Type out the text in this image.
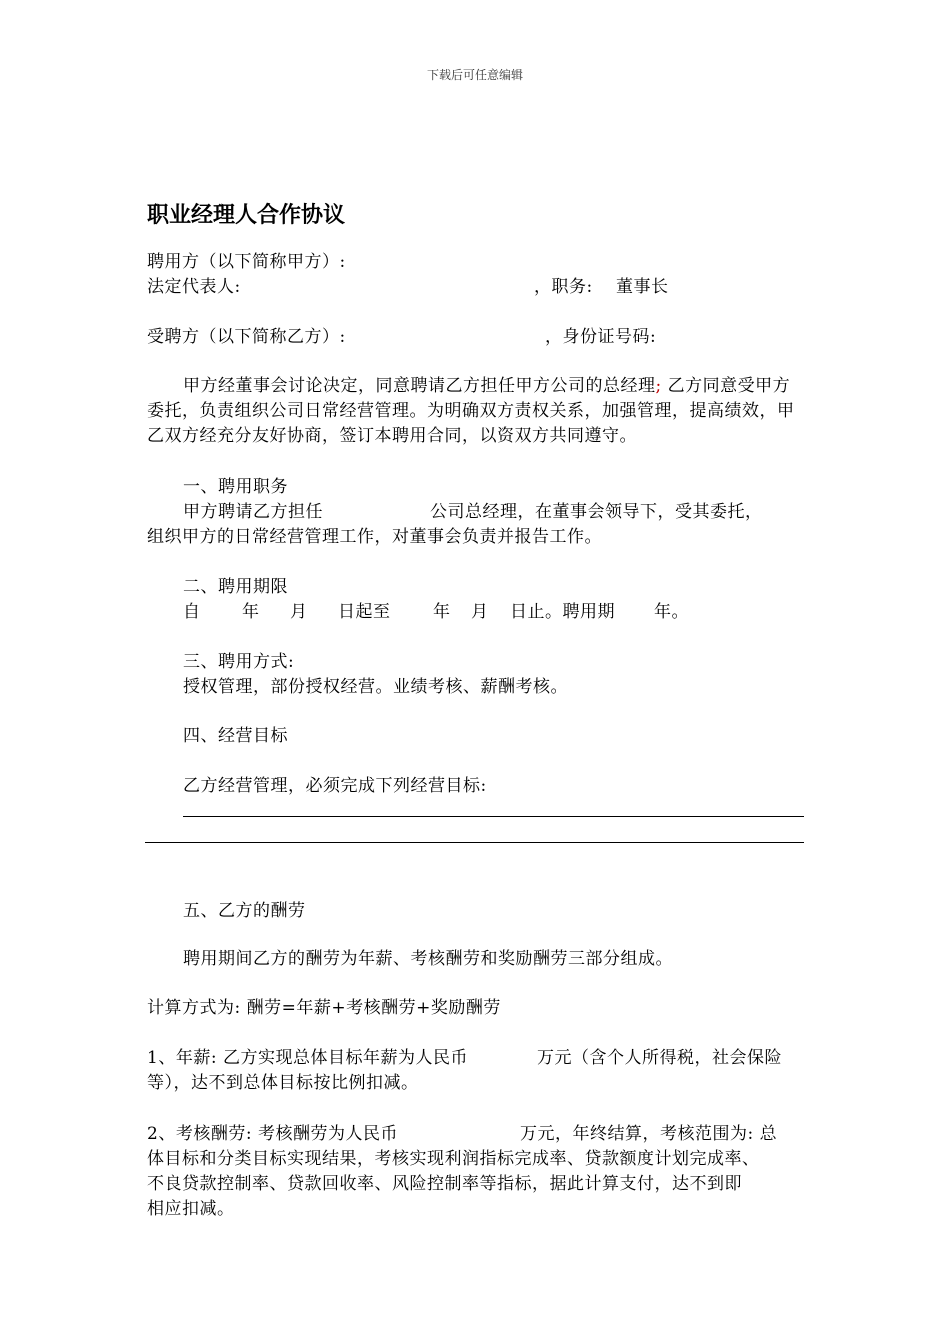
下载后可任意编辑
职业经理人合作协议
聘用方（以下简称甲方）:
法定代表人:	，职务: 董事长
受聘方（以下简称乙方）:	，身份证号码:
甲方经董事会讨论决定，同意聘请乙方担任甲方公司的总经理; 乙方同意受甲方委托，负责组织公司日常经营管理。为明确双方责权关系，加强管理，提高绩效，甲乙双方经充分友好协商，签订本聘用合同，以资双方共同遵守。
一、聘用职务
甲方聘请乙方担任	公司总经理，在董事会领导下，受其委托，
组织甲方的日常经营管理工作，对董事会负责并报告工作。
二、聘用期限
自 年 月 日起至	年 月 日止。聘用期 年。
三、聘用方式:
授权管理，部份授权经营。业绩考核、薪酬考核。
四、经营目标
乙方经营管理，必须完成下列经营目标:
五、乙方的酬劳
聘用期间乙方的酬劳为年薪、考核酬劳和奖励酬劳三部分组成。
计算方式为: 酬劳=年薪+考核酬劳+奖励酬劳
1、年薪: 乙方实现总体目标年薪为人民币	万元（含个人所得税，社会保险
等），达不到总体目标按比例扣减。
2、考核酬劳: 考核酬劳为人民币	万元，年终结算，考核范围为: 总
体目标和分类目标实现结果，考核实现利润指标完成率、贷款额度计划完成率、
不良贷款控制率、贷款回收率、风险控制率等指标，据此计算支付，达不到即
相应扣减。
